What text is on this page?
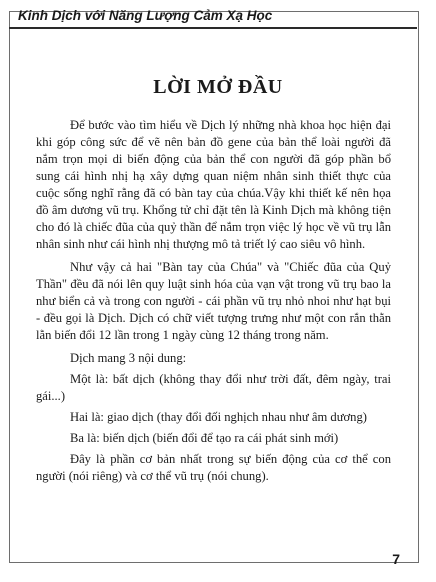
Kinh Dịch với Năng Lượng Cảm Xạ Học
LỜI MỞ ĐẦU

Để bước vào tìm hiểu về Dịch lý những nhà khoa học hiện đại khi góp công sức để vẽ nên bản đồ gene của bản thể loài người đã nắm trọn mọi di biến động của bản thể con người đã góp phần bổ sung cái hình nhị hạ xây dựng quan niệm nhân sinh thiết thực của cuộc sống nghĩ rằng đã có bàn tay của chúa.Vậy khi thiết kế nên họa đồ âm dương vũ trụ. Khổng tử chỉ đặt tên là Kinh Dịch mà không tiện cho đó là chiếc đũa của quỷ thần để nắm trọn việc lý học về vũ trụ lẫn nhân sinh như cái hình nhị thượng mô tả triết lý cao siêu vô hình.

Như vậy cả hai "Bàn tay của Chúa" và "Chiếc đũa của Quỷ Thần" đều đã nói lên quy luật sinh hóa của vạn vật trong vũ trụ bao la như biển cả và trong con người - cái phần vũ trụ nhỏ nhoi như hạt bụi - đều gọi là Dịch. Dịch có chữ viết tượng trưng như một con rắn thằn lằn biến đổi 12 lần trong 1 ngày cùng 12 tháng trong năm.

Dịch mang 3 nội dung:

Một là: bất dịch (không thay đổi như trời đất, đêm ngày, trai gái...)

Hai là: giao dịch (thay đổi đối nghịch nhau như âm dương)

Ba là: biến dịch (biến đổi để tạo ra cái phát sinh mới)

Đây là phần cơ bản nhất trong sự biến động của cơ thể con người (nói riêng) và cơ thể vũ trụ (nói chung).

7
